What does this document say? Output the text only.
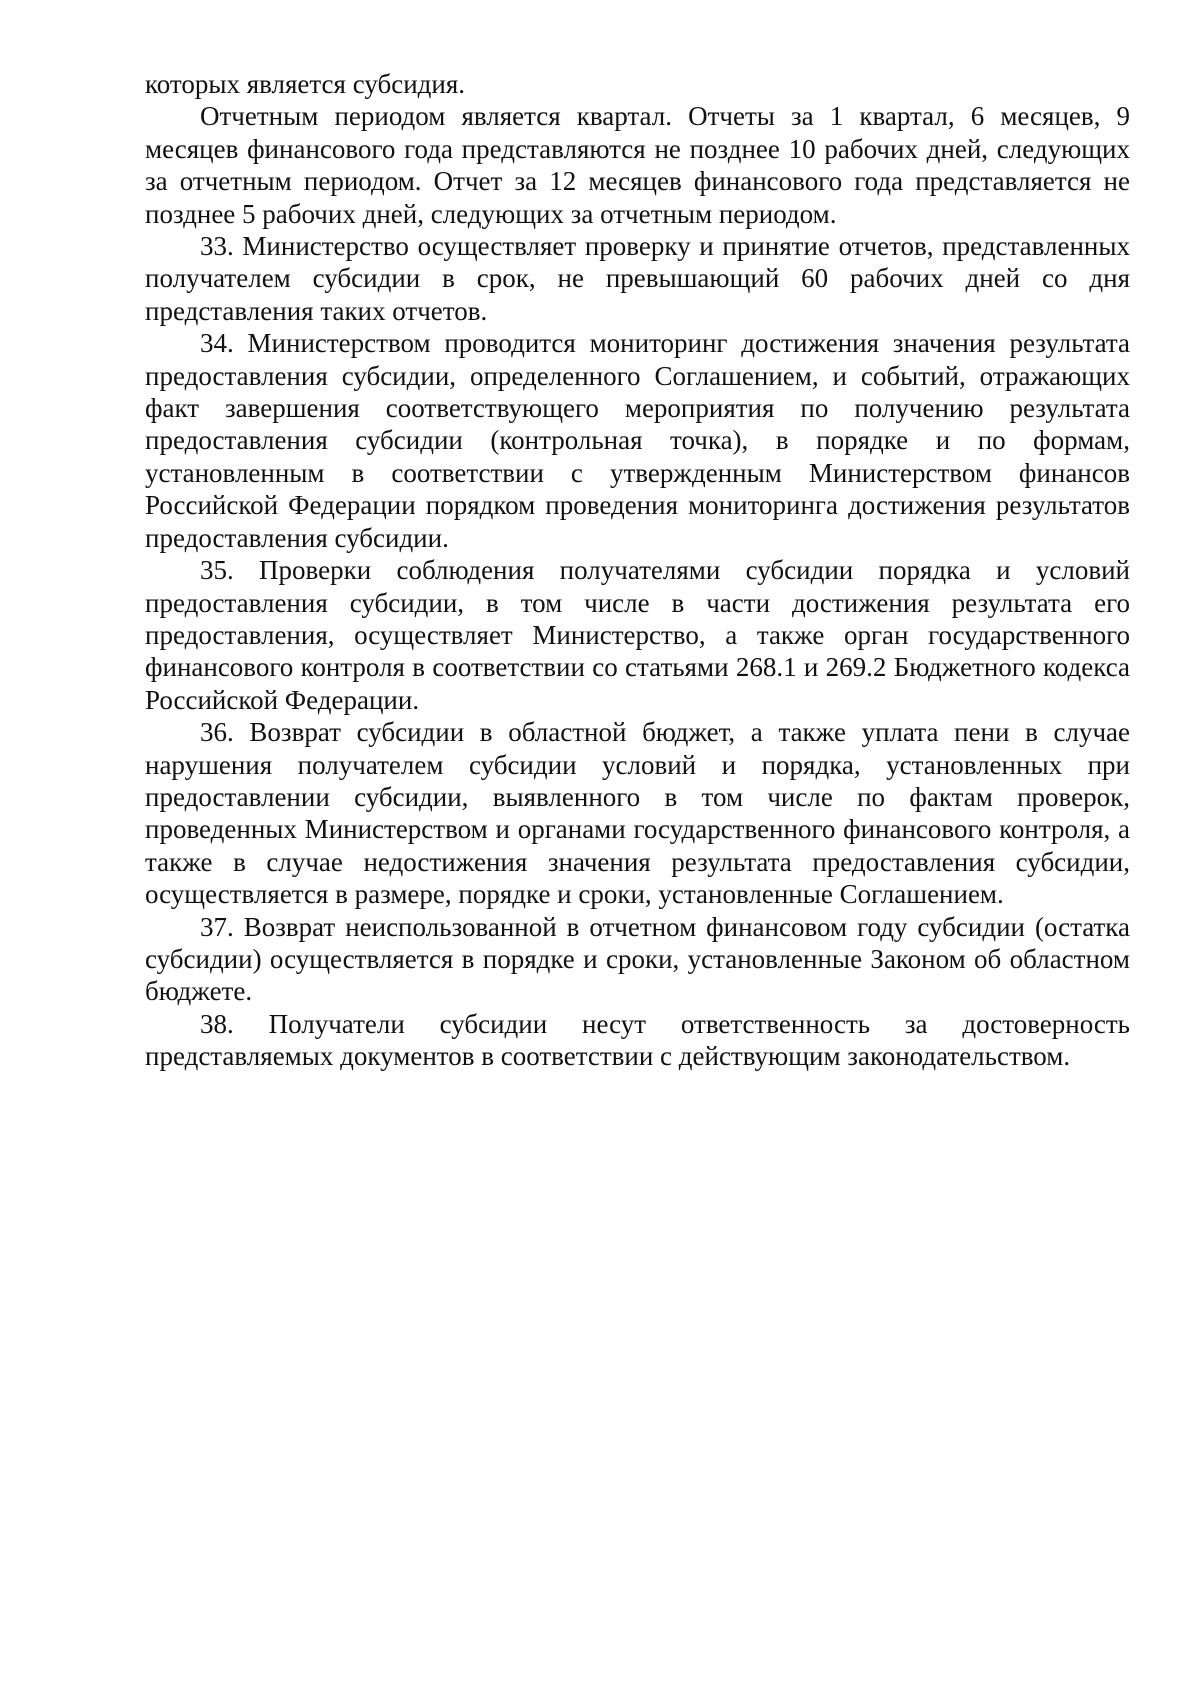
которых является субсидия.

Отчетным периодом является квартал. Отчеты за 1 квартал, 6 месяцев, 9 месяцев финансового года представляются не позднее 10 рабочих дней, следующих за отчетным периодом. Отчет за 12 месяцев финансового года представляется не позднее 5 рабочих дней, следующих за отчетным периодом.

33. Министерство осуществляет проверку и принятие отчетов, представленных получателем субсидии в срок, не превышающий 60 рабочих дней со дня представления таких отчетов.

34. Министерством проводится мониторинг достижения значения результата предоставления субсидии, определенного Соглашением, и событий, отражающих факт завершения соответствующего мероприятия по получению результата предоставления субсидии (контрольная точка), в порядке и по формам, установленным в соответствии с утвержденным Министерством финансов Российской Федерации порядком проведения мониторинга достижения результатов предоставления субсидии.

35. Проверки соблюдения получателями субсидии порядка и условий предоставления субсидии, в том числе в части достижения результата его предоставления, осуществляет Министерство, а также орган государственного финансового контроля в соответствии со статьями 268.1 и 269.2 Бюджетного кодекса Российской Федерации.

36. Возврат субсидии в областной бюджет, а также уплата пени в случае нарушения получателем субсидии условий и порядка, установленных при предоставлении субсидии, выявленного в том числе по фактам проверок, проведенных Министерством и органами государственного финансового контроля, а также в случае недостижения значения результата предоставления субсидии, осуществляется в размере, порядке и сроки, установленные Соглашением.

37. Возврат неиспользованной в отчетном финансовом году субсидии (остатка субсидии) осуществляется в порядке и сроки, установленные Законом об областном бюджете.

38. Получатели субсидии несут ответственность за достоверность представляемых документов в соответствии с действующим законодательством.
